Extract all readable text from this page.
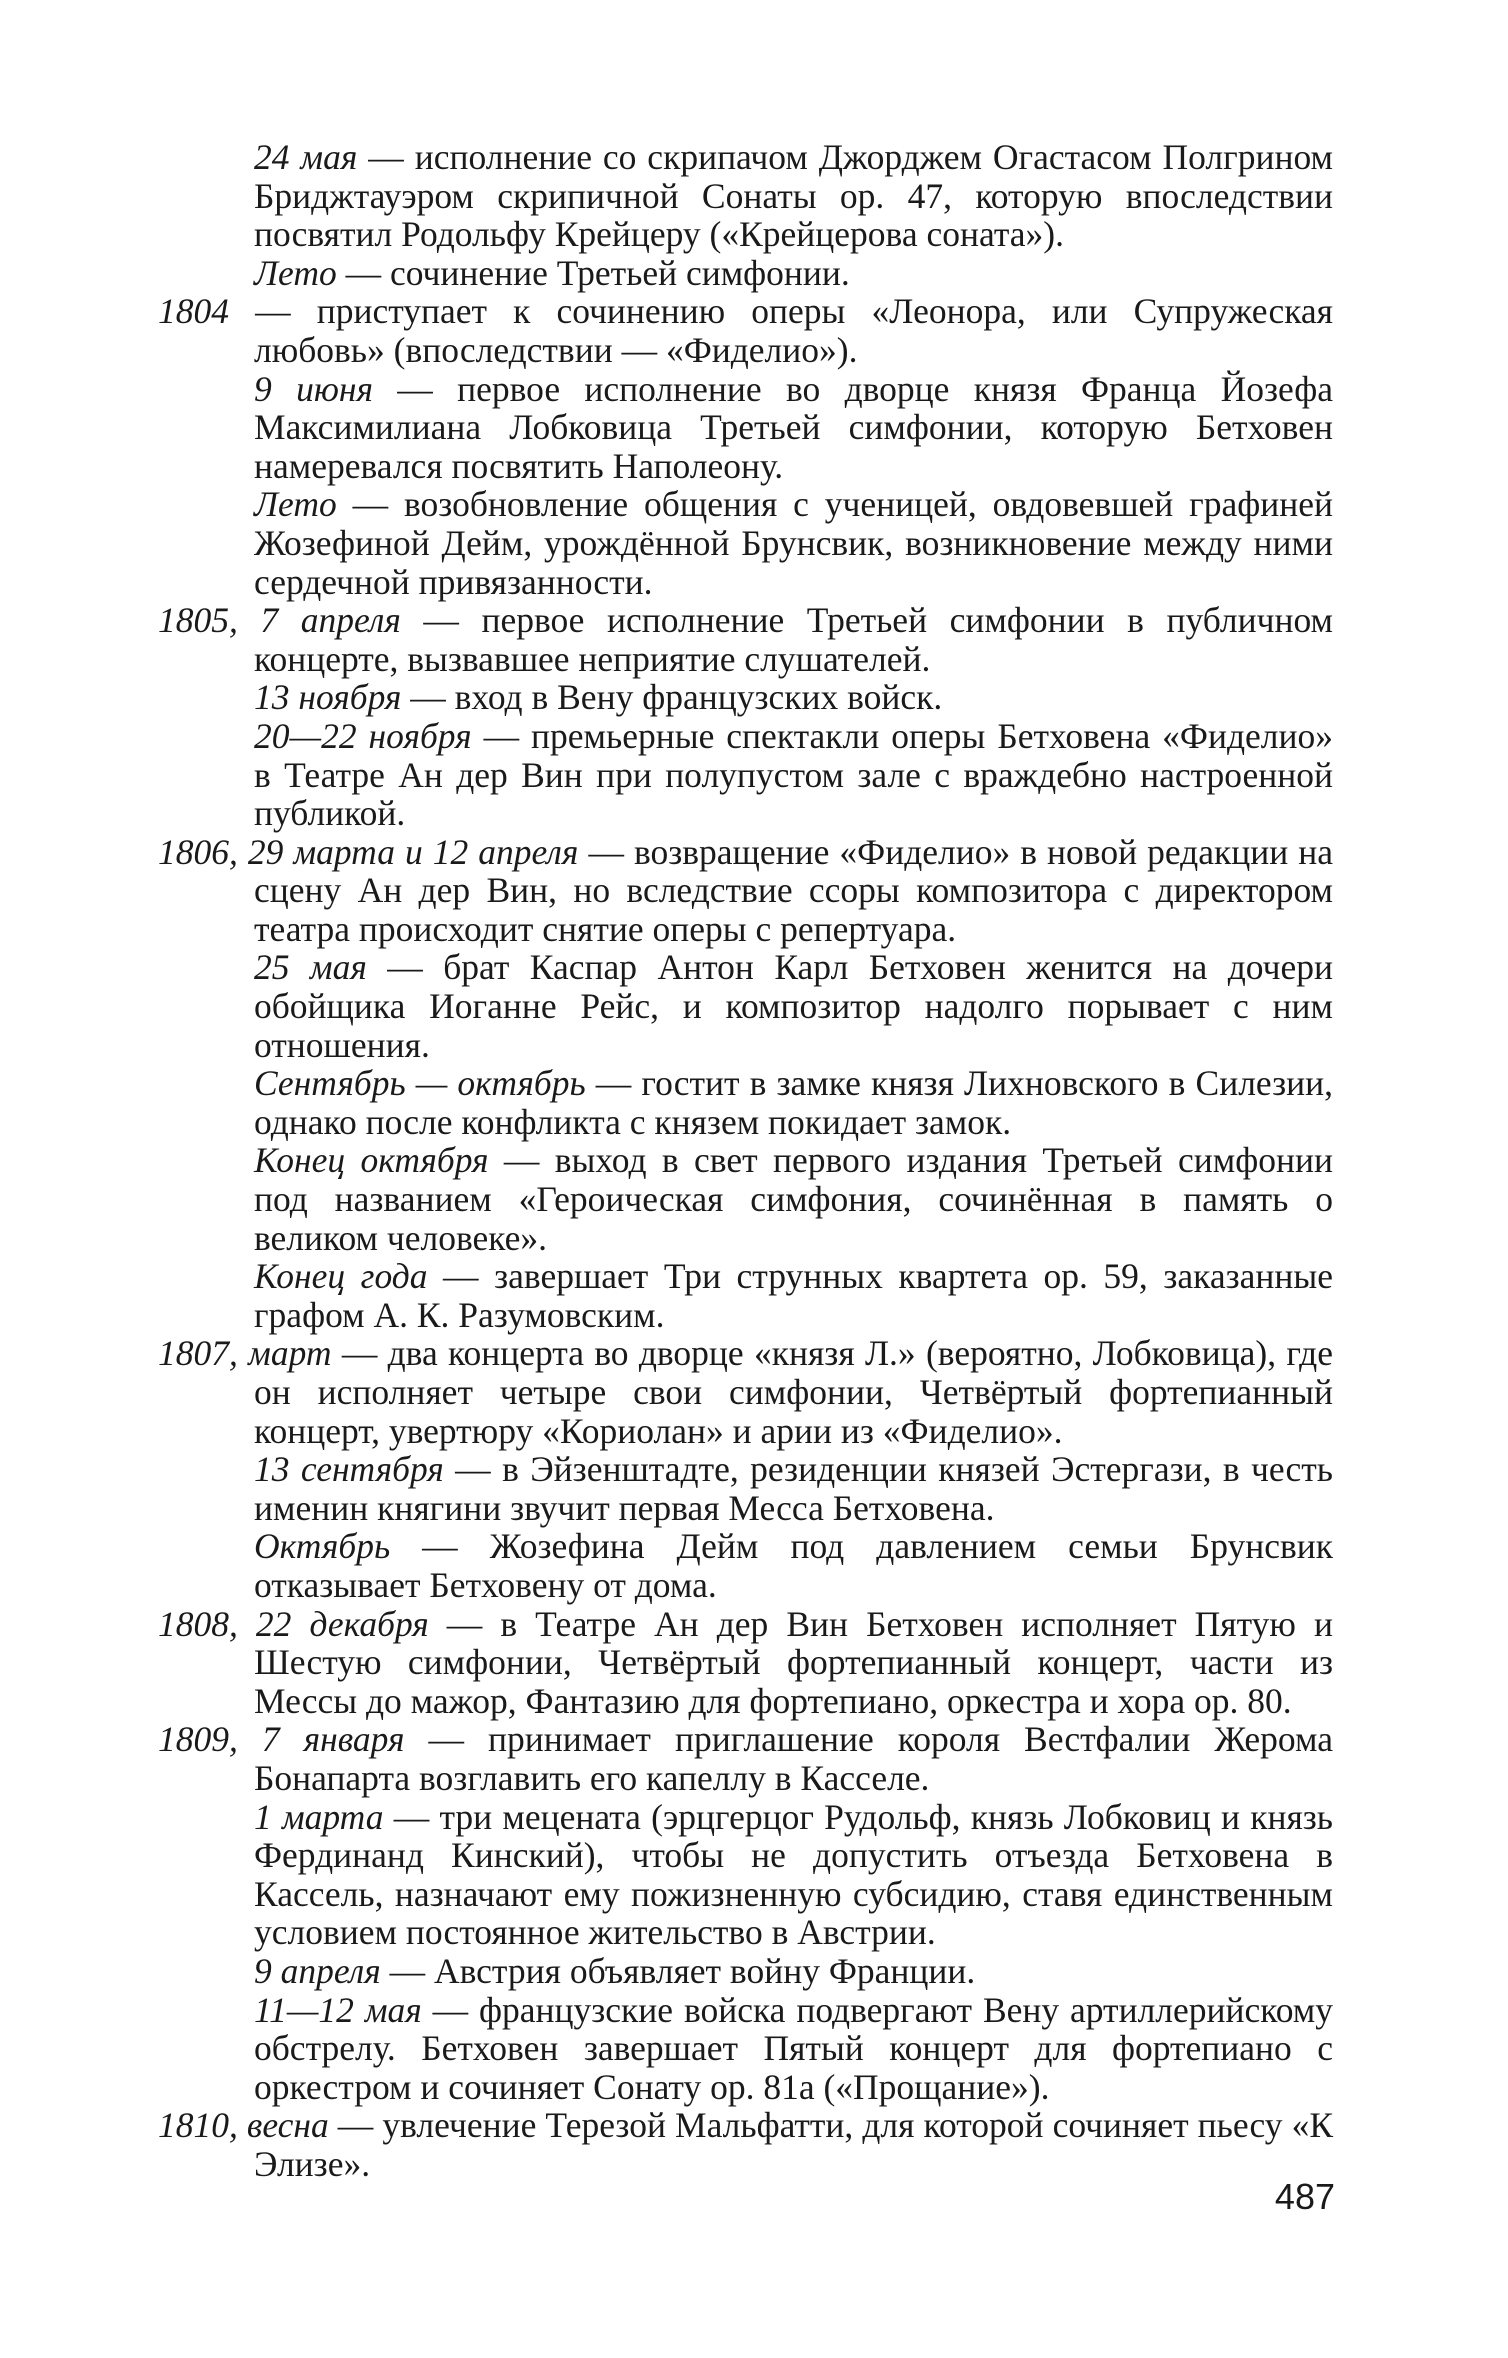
24 мая — исполнение со скрипачом Джорджем Огастасом Полгрином Бриджтауэром скрипичной Сонаты ор. 47, которую впоследствии посвятил Родольфу Крейцеру («Крейцерова соната»).

Лето — сочинение Третьей симфонии.

1804 — приступает к сочинению оперы «Леонора, или Супружеская любовь» (впоследствии — «Фиделио»).

9 июня — первое исполнение во дворце князя Франца Йозефа Максимилиана Лобковица Третьей симфонии, которую Бетховен намеревался посвятить Наполеону.

Лето — возобновление общения с ученицей, овдовевшей графиней Жозефиной Дейм, урождённой Брунсвик, возникновение между ними сердечной привязанности.

1805, 7 апреля — первое исполнение Третьей симфонии в публичном концерте, вызвавшее неприятие слушателей.

13 ноября — вход в Вену французских войск.

20—22 ноября — премьерные спектакли оперы Бетховена «Фиделио» в Театре Ан дер Вин при полупустом зале с враждебно настроенной публикой.

1806, 29 марта и 12 апреля — возвращение «Фиделио» в новой редакции на сцену Ан дер Вин, но вследствие ссоры композитора с директором театра происходит снятие оперы с репертуара.

25 мая — брат Каспар Антон Карл Бетховен женится на дочери обойщика Иоганне Рейс, и композитор надолго порывает с ним отношения.

Сентябрь — октябрь — гостит в замке князя Лихновского в Силезии, однако после конфликта с князем покидает замок.

Конец октября — выход в свет первого издания Третьей симфонии под названием «Героическая симфония, сочинённая в память о великом человеке».

Конец года — завершает Три струнных квартета ор. 59, заказанные графом А. К. Разумовским.

1807, март — два концерта во дворце «князя Л.» (вероятно, Лобковица), где он исполняет четыре свои симфонии, Четвёртый фортепианный концерт, увертюру «Кориолан» и арии из «Фиделио».

13 сентября — в Эйзенштадте, резиденции князей Эстергази, в честь именин княгини звучит первая Месса Бетховена.

Октябрь — Жозефина Дейм под давлением семьи Брунсвик отказывает Бетховену от дома.

1808, 22 декабря — в Театре Ан дер Вин Бетховен исполняет Пятую и Шестую симфонии, Четвёртый фортепианный концерт, части из Мессы до мажор, Фантазию для фортепиано, оркестра и хора ор. 80.

1809, 7 января — принимает приглашение короля Вестфалии Жерома Бонапарта возглавить его капеллу в Касселе.

1 марта — три мецената (эрцгерцог Рудольф, князь Лобковиц и князь Фердинанд Кинский), чтобы не допустить отъезда Бетховена в Кассель, назначают ему пожизненную субсидию, ставя единственным условием постоянное жительство в Австрии.

9 апреля — Австрия объявляет войну Франции.

11—12 мая — французские войска подвергают Вену артиллерийскому обстрелу. Бетховен завершает Пятый концерт для фортепиано с оркестром и сочиняет Сонату ор. 81а («Прощание»).

1810, весна — увлечение Терезой Мальфатти, для которой сочиняет пьесу «К Элизе».

487
